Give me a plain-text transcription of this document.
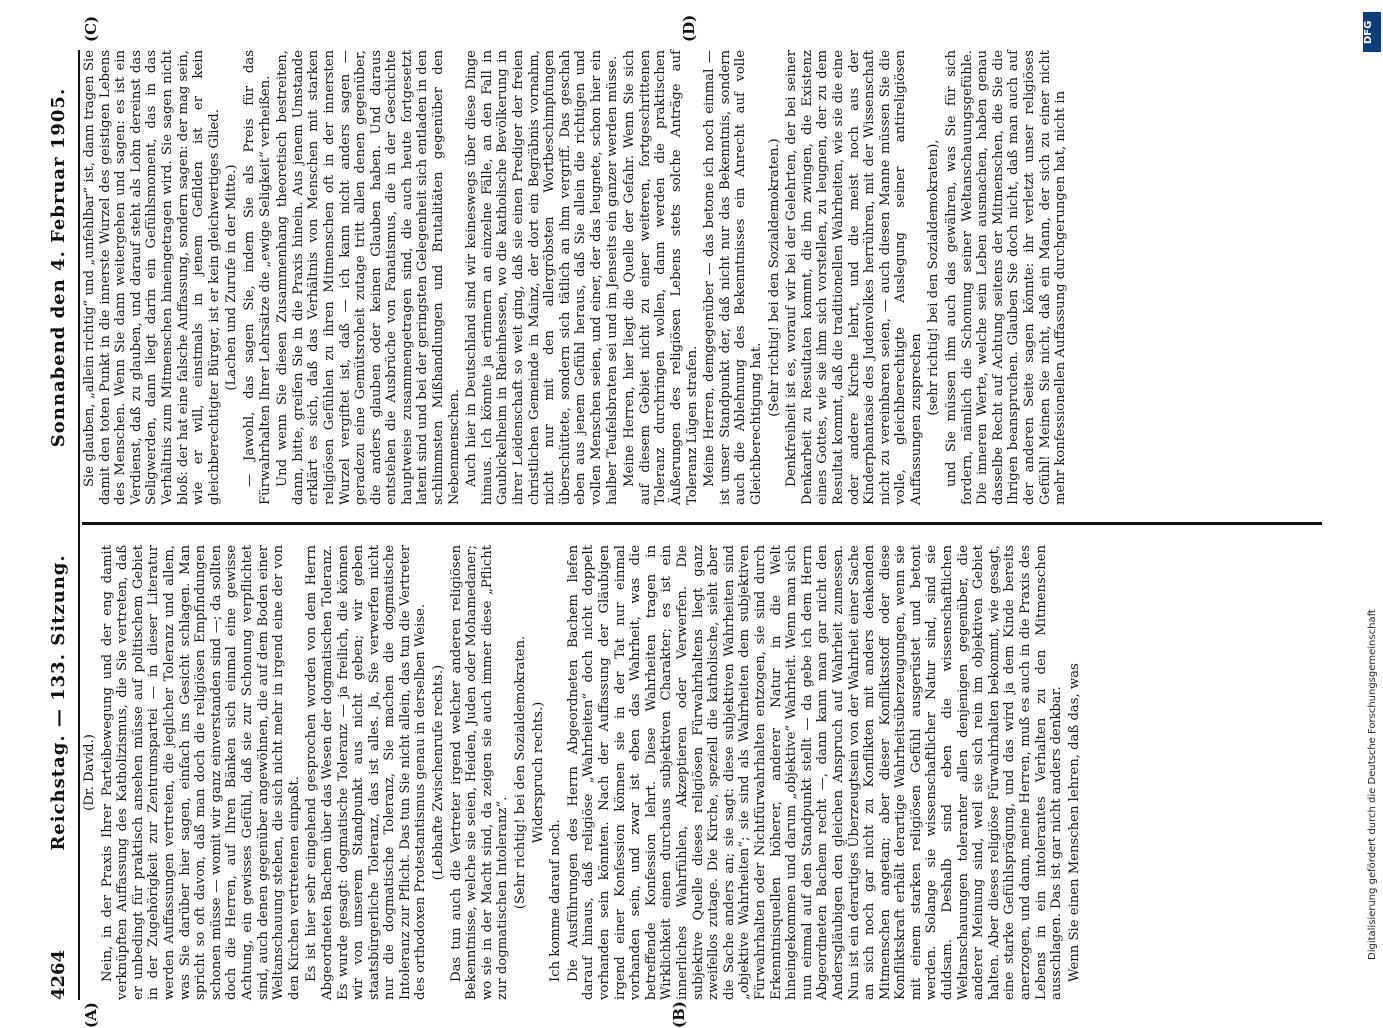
DFG
Digitalisierung gefördert durch die Deutsche Forschungsgemeinschaft
4264
Reichstag. — 133. Sitzung.
Sonnabend den 4. Februar 1905.
(A)	(B)
(C)	(D)

(Dr. David.) Nein, in der Praxis Ihrer Parteibewegung und der eng damit verknüpften Auffassung des Katholizismus, die Sie vertreten, daß er unbedingt für praktisch ansehen müsse auf politischem Gebiet in der Zugehörigkeit zur Zentrumspartei — in dieser Literatur werden Auffassungen vertreten, die jeglicher Toleranz und allem, was Sie darüber hier sagen, einfach ins Gesicht schlagen. Man spricht so oft davon, daß man doch die religiösen Empfindungen schonen müsse — womit wir ganz einverstanden sind —; da sollten doch die Herren, auf Ihren Bänken sich einmal eine gewisse Achtung, ein gewisses Gefühl, daß sie zur Schonung verpflichtet sind, auch denen gegenüber angewöhnen, die auf dem Boden einer Weltanschauung stehen, die sich nicht mehr in irgend eine der von den Kirchen vertretenen einpaßt. Es ist hier sehr eingehend gesprochen worden von dem Herrn Abgeordneten Bachem über das Wesen der dogmatischen Toleranz. Es wurde gesagt: dogmatische Toleranz — ja freilich, die können wir von unserem Standpunkt aus nicht geben; wir geben staatsbürgerliche Toleranz, das ist alles. Ja, Sie verwerfen nicht nur die dogmatische Toleranz, Sie machen die dogmatische Intoleranz zur Pflicht. Das tun Sie nicht allein, das tun die Vertreter des orthodoxen Protestantismus genau in derselben Weise. (Lebhafte Zwischenrufe rechts.) Das tun auch die Vertreter irgend welcher anderen religiösen Bekenntnisse, welche sie seien, Heiden, Juden oder Mohamedaner; wo sie in der Macht sind, da zeigen sie auch immer diese „Pflicht zur dogmatischen Intoleranz“. (Sehr richtig! bei den Sozialdemokraten. Widerspruch rechts.)

Ich komme darauf noch. Die Ausführungen des Herrn Abgeordneten Bachem liefen darauf hinaus, daß religiöse „Wahrheiten“ doch nicht doppelt vorhanden sein könnten. Nach der Auffassung der Gläubigen irgend einer Konfession können sie in der Tat nur einmal vorhanden sein, und zwar ist eben das Wahrheit, was die betreffende Konfession lehrt. Diese Wahrheiten tragen in Wirklichkeit einen durchaus subjektiven Charakter; es ist ein innerliches Wahrfühlen, Akzeptieren oder Verwerfen. Die subjektive Quelle dieses religiösen Fürwahrhaltens liegt ganz zweifellos zutage. Die Kirche, speziell die katholische, sieht aber die Sache anders an; sie sagt: diese subjektiven Wahrheiten sind „objektive Wahrheiten“; sie sind als Wahrheiten dem subjektiven Fürwahrhalten oder Nichtfürwahrhalten entzogen, sie sind durch Erkenntnisquellen höherer, anderer Natur in die Welt hineingekommen und darum „objektive“ Wahrheit. Wenn man sich nun einmal auf den Standpunkt stellt — da gebe ich dem Herrn Abgeordneten Bachem recht —, dann kann man gar nicht den Andersgläubigen den gleichen Anspruch auf Wahrheit zumessen. Nun ist ein derartiges Überzeugtsein von der Wahrheit einer Sache an sich noch gar nicht zu Konflikten mit anders denkenden Mitmenschen angetan; aber dieser Konfliktsstoff oder diese Konfliktskraft erhält derartige Wahrheitsüberzeugungen, wenn sie mit einem starken religiösen Gefühl ausgerüstet und betont werden. Solange sie wissenschaftlicher Natur sind, sind sie duldsam. Deshalb sind eben die wissenschaftlichen Weltanschauungen toleranter allen denjenigen gegenüber, die anderer Meinung sind, weil sie sich rein im objektiven Gebiet halten. Aber dieses religiöse Fürwahrhalten bekommt, wie gesagt, eine starke Gefühlsprägung, und das wird ja dem Kinde bereits anerzogen, und dann, meine Herren, muß es auch in die Praxis des Lebens in ein intolerantes Verhalten zu den Mitmenschen ausschlagen. Das ist gar nicht anders denkbar. Wenn Sie einen Menschen lehren, daß das, was

Sie glauben, „allein richtig“ und „unfehlbar“ ist, dann tragen Sie damit den toten Punkt in die innerste Wurzel des geistigen Lebens des Menschen. Wenn Sie dann weitergehen und sagen: es ist ein Verdienst, daß zu glauben, und darauf steht als Lohn dereinst das Seligwerden, dann liegt darin ein Gefühlsmoment, das in das Verhältnis zum Mitmenschen hineingetragen wird. Sie sagen nicht bloß: der hat eine falsche Auffassung, sondern sagen: der mag sein, wie er will, einstmals in jenem Gefilden ist er kein gleichberechtigter Bürger, ist er kein gleichwertiges Glied. (Lachen und Zurufe in der Mitte.) — Jawohl, das sagen Sie, indem Sie als Preis für das Fürwahrhalten Ihrer Lehrsätze die „ewige Seligkeit“ verheißen. Und wenn Sie diesen Zusammenhang theoretisch bestreiten, dann, bitte, greifen Sie in die Praxis hinein. Aus jenem Umstande erklärt es sich, daß das Verhältnis von Menschen mit starken religiösen Gefühlen zu ihren Mitmenschen oft in der innersten Wurzel vergiftet ist, daß — ich kann nicht anders sagen — geradezu eine Gemütsroheit zutage tritt allen denen gegenüber, die anders glauben oder keinen Glauben haben. Und daraus entstehen die Ausbrüche von Fanatismus, die in der Geschichte hauptweise zusammengetragen sind, die auch heute fortgesetzt latent sind und bei der geringsten Gelegenheit sich entladen in den schlimmsten Mißhandlungen und Brutalitäten gegenüber den Nebenmenschen. Auch hier in Deutschland sind wir keineswegs über diese Dinge hinaus. Ich könnte ja erinnern an einzelne Fälle, an den Fall in Gaubickelheim in Rheinhessen, wo die katholische Bevölkerung in ihrer Leidenschaft so weit ging, daß sie einen Prediger der freien christlichen Gemeinde in Mainz, der dort ein Begräbnis vornahm, nicht nur mit den allergröbsten Wortbeschimpfungen überschüttete, sondern sich tätlich an ihm vergriff. Das geschah eben aus jenem Gefühl heraus, daß Sie allein die richtigen und vollen Menschen seien, und einer, der das leugnete, schon hier ein halber Teufelsbraten sei und im Jenseits ein ganzer werden müsse. Meine Herren, hier liegt die Quelle der Gefahr. Wenn Sie sich auf diesem Gebiet nicht zu einer weiteren, fortgeschrittenen Toleranz durchringen wollen, dann werden die praktischen Äußerungen des religiösen Lebens stets solche Anträge auf Toleranz Lügen strafen. Meine Herren, demgegenüber — das betone ich noch einmal — ist unser Standpunkt der, daß nicht nur das Bekenntnis, sondern auch die Ablehnung des Bekenntnisses ein Anrecht auf volle Gleichberechtigung hat.

(Sehr richtig! bei den Sozialdemokraten.) Denkfreiheit ist es, worauf wir bei der Gelehrten, der bei seiner Denkarbeit zu Resultaten kommt, die ihn zwingen, die Existenz eines Gottes, wie sie ihm sich vorstellen, zu leugnen, der zu dem Resultat kommt, daß die traditionellen Wahrheiten, wie sie die eine oder andere Kirche lehrt, und die meist noch aus der Kinderphantasie des Judenvolkes herrühren, mit der Wissenschaft nicht zu vereinbaren seien, — auch diesen Manne müssen Sie die volle, gleichberechtigte Auslegung seiner antireligiösen Auffassungen zusprechen

(sehr richtig! bei den Sozialdemokraten), und Sie müssen ihm auch das gewähren, was Sie für sich fordern, nämlich die Schonung seiner Weltanschauungsgefühle. Die inneren Werte, welche sein Leben ausmachen, haben genau dasselbe Recht auf Achtung seitens der Mitmenschen, die Sie die Ihrigen beanspruchen. Glauben Sie doch nicht, daß man auch auf der anderen Seite sagen könnte: ihr verletzt unser religiöses Gefühl! Meinen Sie nicht, daß ein Mann, der sich zu einer nicht mehr konfessionellen Auffassung durchgerungen hat, nicht in
